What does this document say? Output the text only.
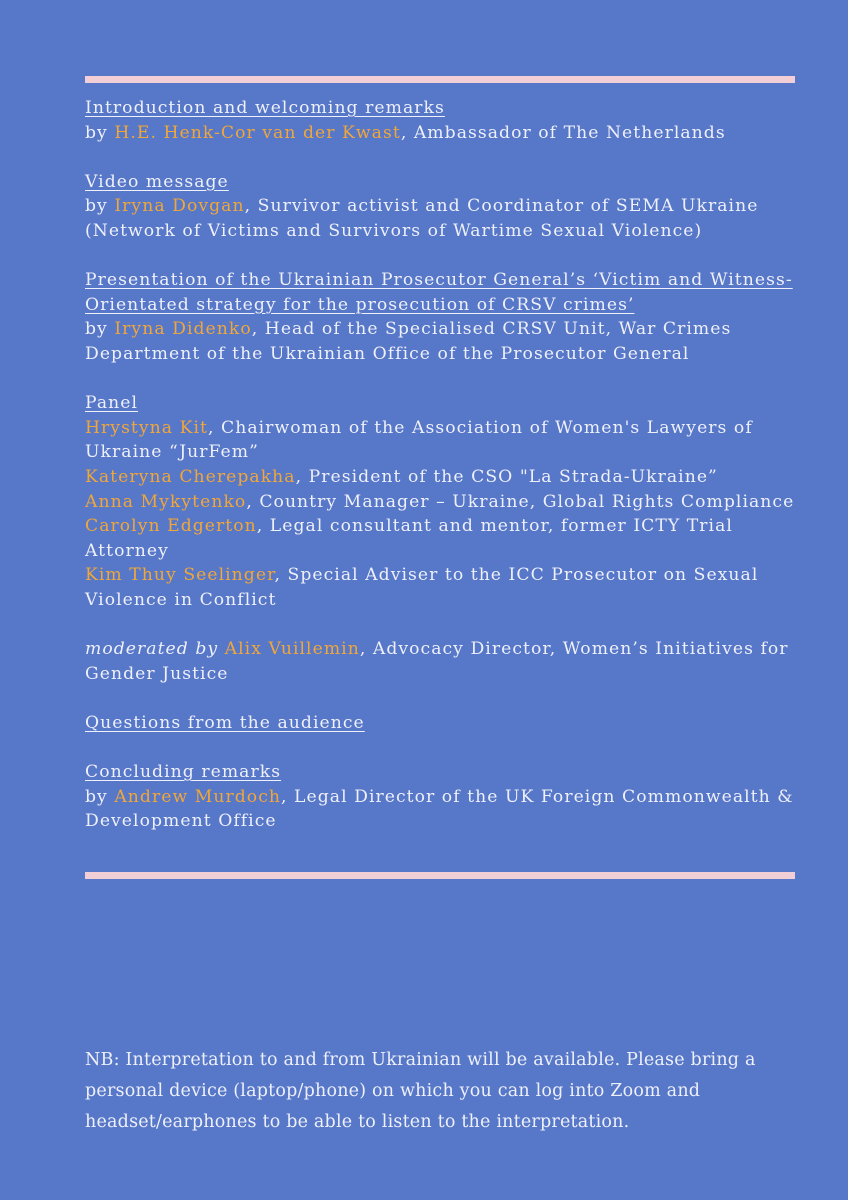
Introduction and welcoming remarks
by H.E. Henk-Cor van der Kwast, Ambassador of The Netherlands
Video message
by Iryna Dovgan, Survivor activist and Coordinator of SEMA Ukraine (Network of Victims and Survivors of Wartime Sexual Violence)
Presentation of the Ukrainian Prosecutor General’s ‘Victim and Witness-Orientated strategy for the prosecution of CRSV crimes’
by Iryna Didenko, Head of the Specialised CRSV Unit, War Crimes Department of the Ukrainian Office of the Prosecutor General
Panel
Hrystyna Kit, Chairwoman of the Association of Women's Lawyers of Ukraine “JurFem”
Kateryna Cherepakha, President of the CSO "La Strada-Ukraine”
Anna Mykytenko, Country Manager – Ukraine, Global Rights Compliance
Carolyn Edgerton, Legal consultant and mentor, former ICTY Trial Attorney
Kim Thuy Seelinger, Special Adviser to the ICC Prosecutor on Sexual Violence in Conflict
moderated by Alix Vuillemin, Advocacy Director, Women’s Initiatives for Gender Justice
Questions from the audience
Concluding remarks
by Andrew Murdoch, Legal Director of the UK Foreign Commonwealth & Development Office
NB: Interpretation to and from Ukrainian will be available. Please bring a personal device (laptop/phone) on which you can log into Zoom and headset/earphones to be able to listen to the interpretation.
